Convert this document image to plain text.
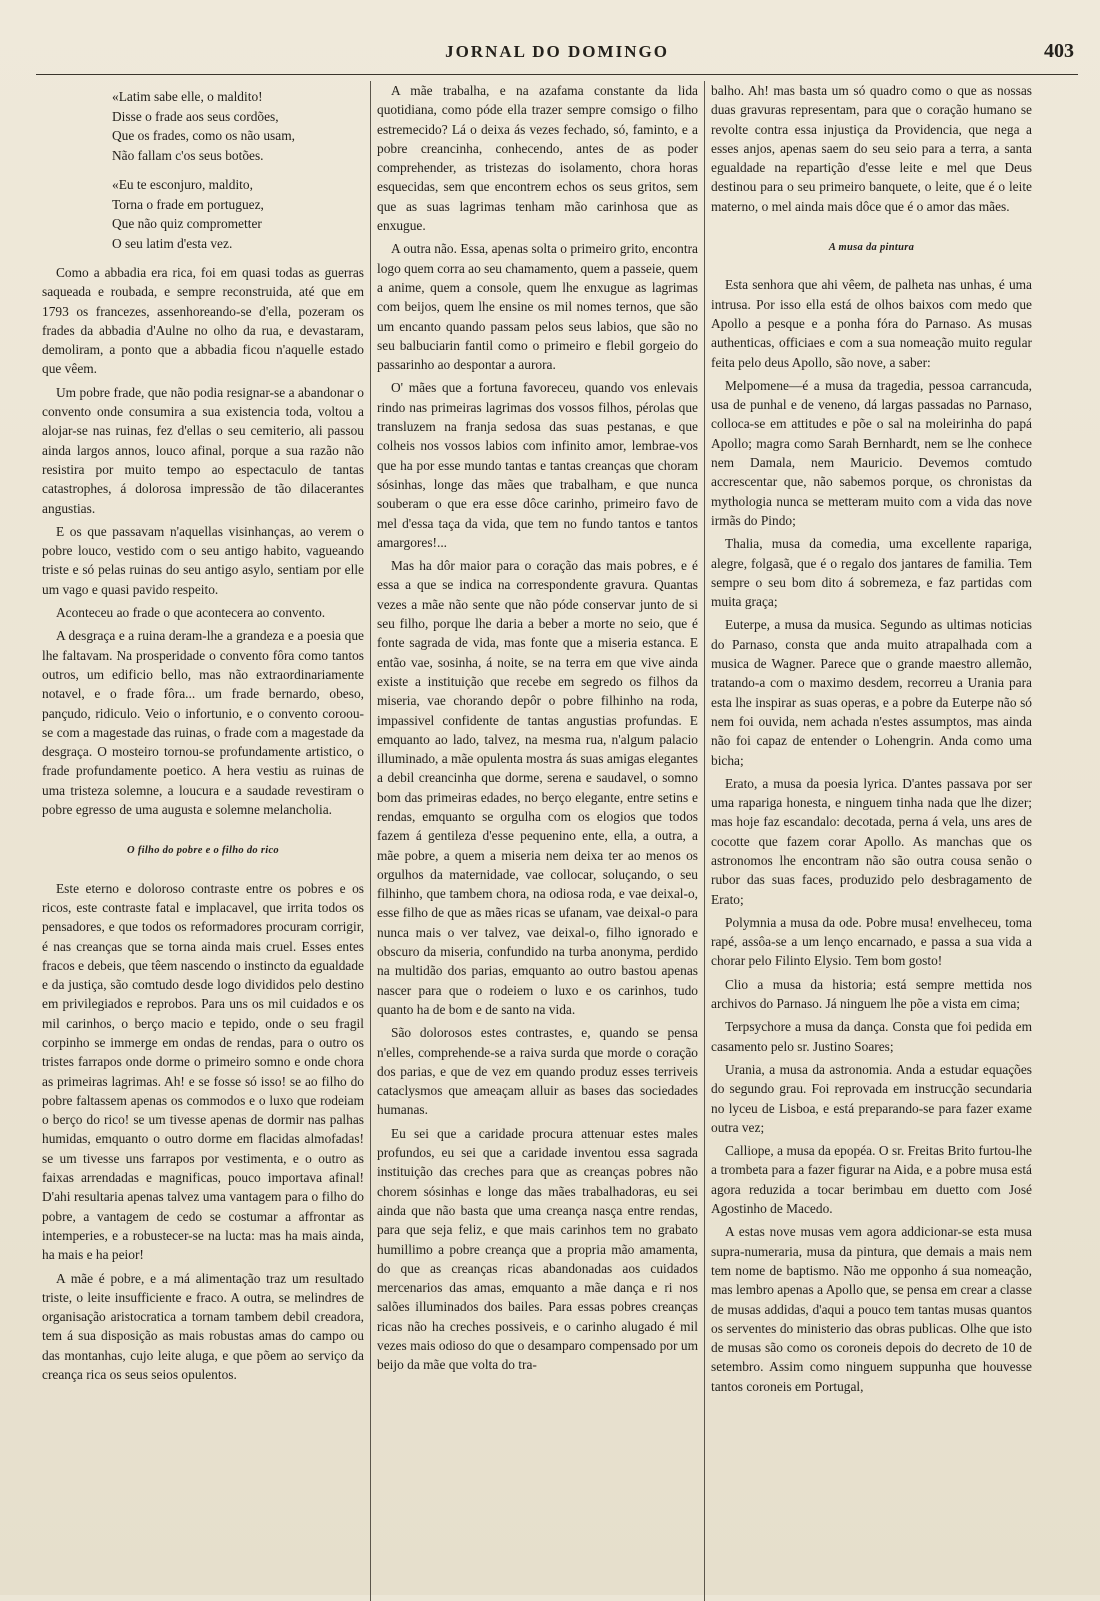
JORNAL DO DOMINGO	403
«Latim sabe elle, o maldito!
Disse o frade aos seus cordões,
Que os frades, como os não usam,
Não fallam c'os seus botões.
«Eu te esconjuro, maldito,
Torna o frade em portuguez,
Que não quiz comprometter
O seu latim d'esta vez.

Como a abbadia era rica, foi em quasi todas as guerras saqueada e roubada, e sempre reconstruida, até que em 1793 os francezes, assenhoreando-se d'ella, pozeram os frades da abbadia d'Aulne no olho da rua, e devastaram, demoliram, a ponto que a abbadia ficou n'aquelle estado que vêem.

Um pobre frade, que não podia resignar-se a abandonar o convento onde consumira a sua existencia toda, voltou a alojar-se nas ruinas, fez d'ellas o seu cemiterio, ali passou ainda largos annos, louco afinal, porque a sua razão não resistira por muito tempo ao espectaculo de tantas catastrophes, á dolorosa impressão de tão dilacerantes angustias.

E os que passavam n'aquellas visinhanças, ao verem o pobre louco, vestido com o seu antigo habito, vagueando triste e só pelas ruinas do seu antigo asylo, sentiam por elle um vago e quasi pavido respeito.

Aconteceu ao frade o que acontecera ao convento.

A desgraça e a ruina deram-lhe a grandeza e a poesia que lhe faltavam. Na prosperidade o convento fôra como tantos outros, um edificio bello, mas não extraordinariamente notavel, e o frade fôra... um frade bernardo, obeso, pançudo, ridiculo. Veio o infortunio, e o convento coroou-se com a magestade das ruinas, o frade com a magestade da desgraça. O mosteiro tornou-se profundamente artistico, o frade profundamente poetico. A hera vestiu as ruinas de uma tristeza solemne, a loucura e a saudade revestiram o pobre egresso de uma augusta e solemne melancholia.

O filho do pobre e o filho do rico

Este eterno e doloroso contraste entre os pobres e os ricos, este contraste fatal e implacavel, que irrita todos os pensadores, e que todos os reformadores procuram corrigir, é nas creanças que se torna ainda mais cruel. Esses entes fracos e debeis, que têem nascendo o instincto da egualdade e da justiça, são comtudo desde logo divididos pelo destino em privilegiados e reprobos. Para uns os mil cuidados e os mil carinhos, o berço macio e tepido, onde o seu fragil corpinho se immerge em ondas de rendas, para o outro os tristes farrapos onde dorme o primeiro somno e onde chora as primeiras lagrimas. Ah! e se fosse só isso! se ao filho do pobre faltassem apenas os commodos e o luxo que rodeiam o berço do rico! se um tivesse apenas de dormir nas palhas humidas, emquanto o outro dorme em flacidas almofadas! se um tivesse uns farrapos por vestimenta, e o outro as faixas arrendadas e magnificas, pouco importava afinal! D'ahi resultaria apenas talvez uma vantagem para o filho do pobre, a vantagem de cedo se costumar a affrontar as intemperies, e a robustecer-se na lucta: mas ha mais ainda, ha mais e ha peior!

A mãe é pobre, e a má alimentação traz um resultado triste, o leite insufficiente e fraco. A outra, se melindres de organisação aristocratica a tornam tambem debil creadora, tem á sua disposição as mais robustas amas do campo ou das montanhas, cujo leite aluga, e que põem ao serviço da creança rica os seus seios opulentos.

A mãe trabalha, e na azafama constante da lida quotidiana, como póde ella trazer sempre comsigo o filho estremecido? Lá o deixa ás vezes fechado, só, faminto, e a pobre creancinha, conhecendo, antes de as poder comprehender, as tristezas do isolamento, chora horas esquecidas, sem que encontrem echos os seus gritos, sem que as suas lagrimas tenham mão carinhosa que as enxugue.

A outra não. Essa, apenas solta o primeiro grito, encontra logo quem corra ao seu chamamento, quem a passeie, quem a anime, quem a console, quem lhe enxugue as lagrimas com beijos, quem lhe ensine os mil nomes ternos, que são um encanto quando passam pelos seus labios, que são no seu balbuciarin fantil como o primeiro e flebil gorgeio do passarinho ao despontar a aurora.

O' mães que a fortuna favoreceu, quando vos enlevais rindo nas primeiras lagrimas dos vossos filhos, pérolas que transluzem na franja sedosa das suas pestanas, e que colheis nos vossos labios com infinito amor, lembrae-vos que ha por esse mundo tantas e tantas creanças que choram sósinhas, longe das mães que trabalham, e que nunca souberam o que era esse dôce carinho, primeiro favo de mel d'essa taça da vida, que tem no fundo tantos e tantos amargores!...

Mas ha dôr maior para o coração das mais pobres, e é essa a que se indica na correspondente gravura. Quantas vezes a mãe não sente que não póde conservar junto de si seu filho, porque lhe daria a beber a morte no seio, que é fonte sagrada de vida, mas fonte que a miseria estanca. E então vae, sosinha, á noite, se na terra em que vive ainda existe a instituição que recebe em segredo os filhos da miseria, vae chorando depôr o pobre filhinho na roda, impassivel confidente de tantas angustias profundas. E emquanto ao lado, talvez, na mesma rua, n'algum palacio illuminado, a mãe opulenta mostra ás suas amigas elegantes a debil creancinha que dorme, serena e saudavel, o somno bom das primeiras edades, no berço elegante, entre setins e rendas, emquanto se orgulha com os elogios que todos fazem á gentileza d'esse pequenino ente, ella, a outra, a mãe pobre, a quem a miseria nem deixa ter ao menos os orgulhos da maternidade, vae collocar, soluçando, o seu filhinho, que tambem chora, na odiosa roda, e vae deixal-o, esse filho de que as mães ricas se ufanam, vae deixal-o para nunca mais o ver talvez, vae deixal-o, filho ignorado e obscuro da miseria, confundido na turba anonyma, perdido na multidão dos parias, emquanto ao outro bastou apenas nascer para que o rodeiem o luxo e os carinhos, tudo quanto ha de bom e de santo na vida.

São dolorosos estes contrastes, e, quando se pensa n'elles, comprehende-se a raiva surda que morde o coração dos parias, e que de vez em quando produz esses terriveis cataclysmos que ameaçam alluir as bases das sociedades humanas.

Eu sei que a caridade procura attenuar estes males profundos, eu sei que a caridade inventou essa sagrada instituição das creches para que as creanças pobres não chorem sósinhas e longe das mães trabalhadoras, eu sei ainda que não basta que uma creança nasça entre rendas, para que seja feliz, e que mais carinhos tem no grabato humillimo a pobre creança que a propria mão amamenta, do que as creanças ricas abandonadas aos cuidados mercenarios das amas, emquanto a mãe dança e ri nos salões illuminados dos bailes. Para essas pobres creanças ricas não ha creches possiveis, e o carinho alugado é mil vezes mais odioso do que o desamparo compensado por um beijo da mãe que volta do tra-

balho. Ah! mas basta um só quadro como o que as nossas duas gravuras representam, para que o coração humano se revolte contra essa injustiça da Providencia, que nega a esses anjos, apenas saem do seu seio para a terra, a santa egualdade na repartição d'esse leite e mel que Deus destinou para o seu primeiro banquete, o leite, que é o leite materno, o mel ainda mais dôce que é o amor das mães.

A musa da pintura

Esta senhora que ahi vêem, de palheta nas unhas, é uma intrusa. Por isso ella está de olhos baixos com medo que Apollo a pesque e a ponha fóra do Parnaso. As musas authenticas, officiaes e com a sua nomeação muito regular feita pelo deus Apollo, são nove, a saber:

Melpomene—é a musa da tragedia, pessoa carrancuda, usa de punhal e de veneno, dá largas passadas no Parnaso, colloca-se em attitudes e põe o sal na moleirinha do papá Apollo; magra como Sarah Bernhardt, nem se lhe conhece nem Damala, nem Mauricio. Devemos comtudo accrescentar que, não sabemos porque, os chronistas da mythologia nunca se metteram muito com a vida das nove irmãs do Pindo;

Thalia, musa da comedia, uma excellente rapariga, alegre, folgasã, que é o regalo dos jantares de familia. Tem sempre o seu bom dito á sobremeza, e faz partidas com muita graça;

Euterpe, a musa da musica. Segundo as ultimas noticias do Parnaso, consta que anda muito atrapalhada com a musica de Wagner. Parece que o grande maestro allemão, tratando-a com o maximo desdem, recorreu a Urania para esta lhe inspirar as suas operas, e a pobre da Euterpe não só nem foi ouvida, nem achada n'estes assumptos, mas ainda não foi capaz de entender o Lohengrin. Anda como uma bicha;

Erato, a musa da poesia lyrica. D'antes passava por ser uma rapariga honesta, e ninguem tinha nada que lhe dizer; mas hoje faz escandalo: decotada, perna á vela, uns ares de cocotte que fazem corar Apollo. As manchas que os astronomos lhe encontram não são outra cousa senão o rubor das suas faces, produzido pelo desbragamento de Erato;

Polymnia a musa da ode. Pobre musa! envelheceu, toma rapé, assôa-se a um lenço encarnado, e passa a sua vida a chorar pelo Filinto Elysio. Tem bom gosto!

Clio a musa da historia; está sempre mettida nos archivos do Parnaso. Já ninguem lhe põe a vista em cima;

Terpsychore a musa da dança. Consta que foi pedida em casamento pelo sr. Justino Soares;

Urania, a musa da astronomia. Anda a estudar equações do segundo grau. Foi reprovada em instrucção secundaria no lyceu de Lisboa, e está preparando-se para fazer exame outra vez;

Calliope, a musa da epopéa. O sr. Freitas Brito furtou-lhe a trombeta para a fazer figurar na Aida, e a pobre musa está agora reduzida a tocar berimbau em duetto com José Agostinho de Macedo.

A estas nove musas vem agora addicionar-se esta musa supra-numeraria, musa da pintura, que demais a mais nem tem nome de baptismo. Não me opponho á sua nomeação, mas lembro apenas a Apollo que, se pensa em crear a classe de musas addidas, d'aqui a pouco tem tantas musas quantos os serventes do ministerio das obras publicas. Olhe que isto de musas são como os coroneis depois do decreto de 10 de setembro. Assim como ninguem suppunha que houvesse tantos coroneis em Portugal,
